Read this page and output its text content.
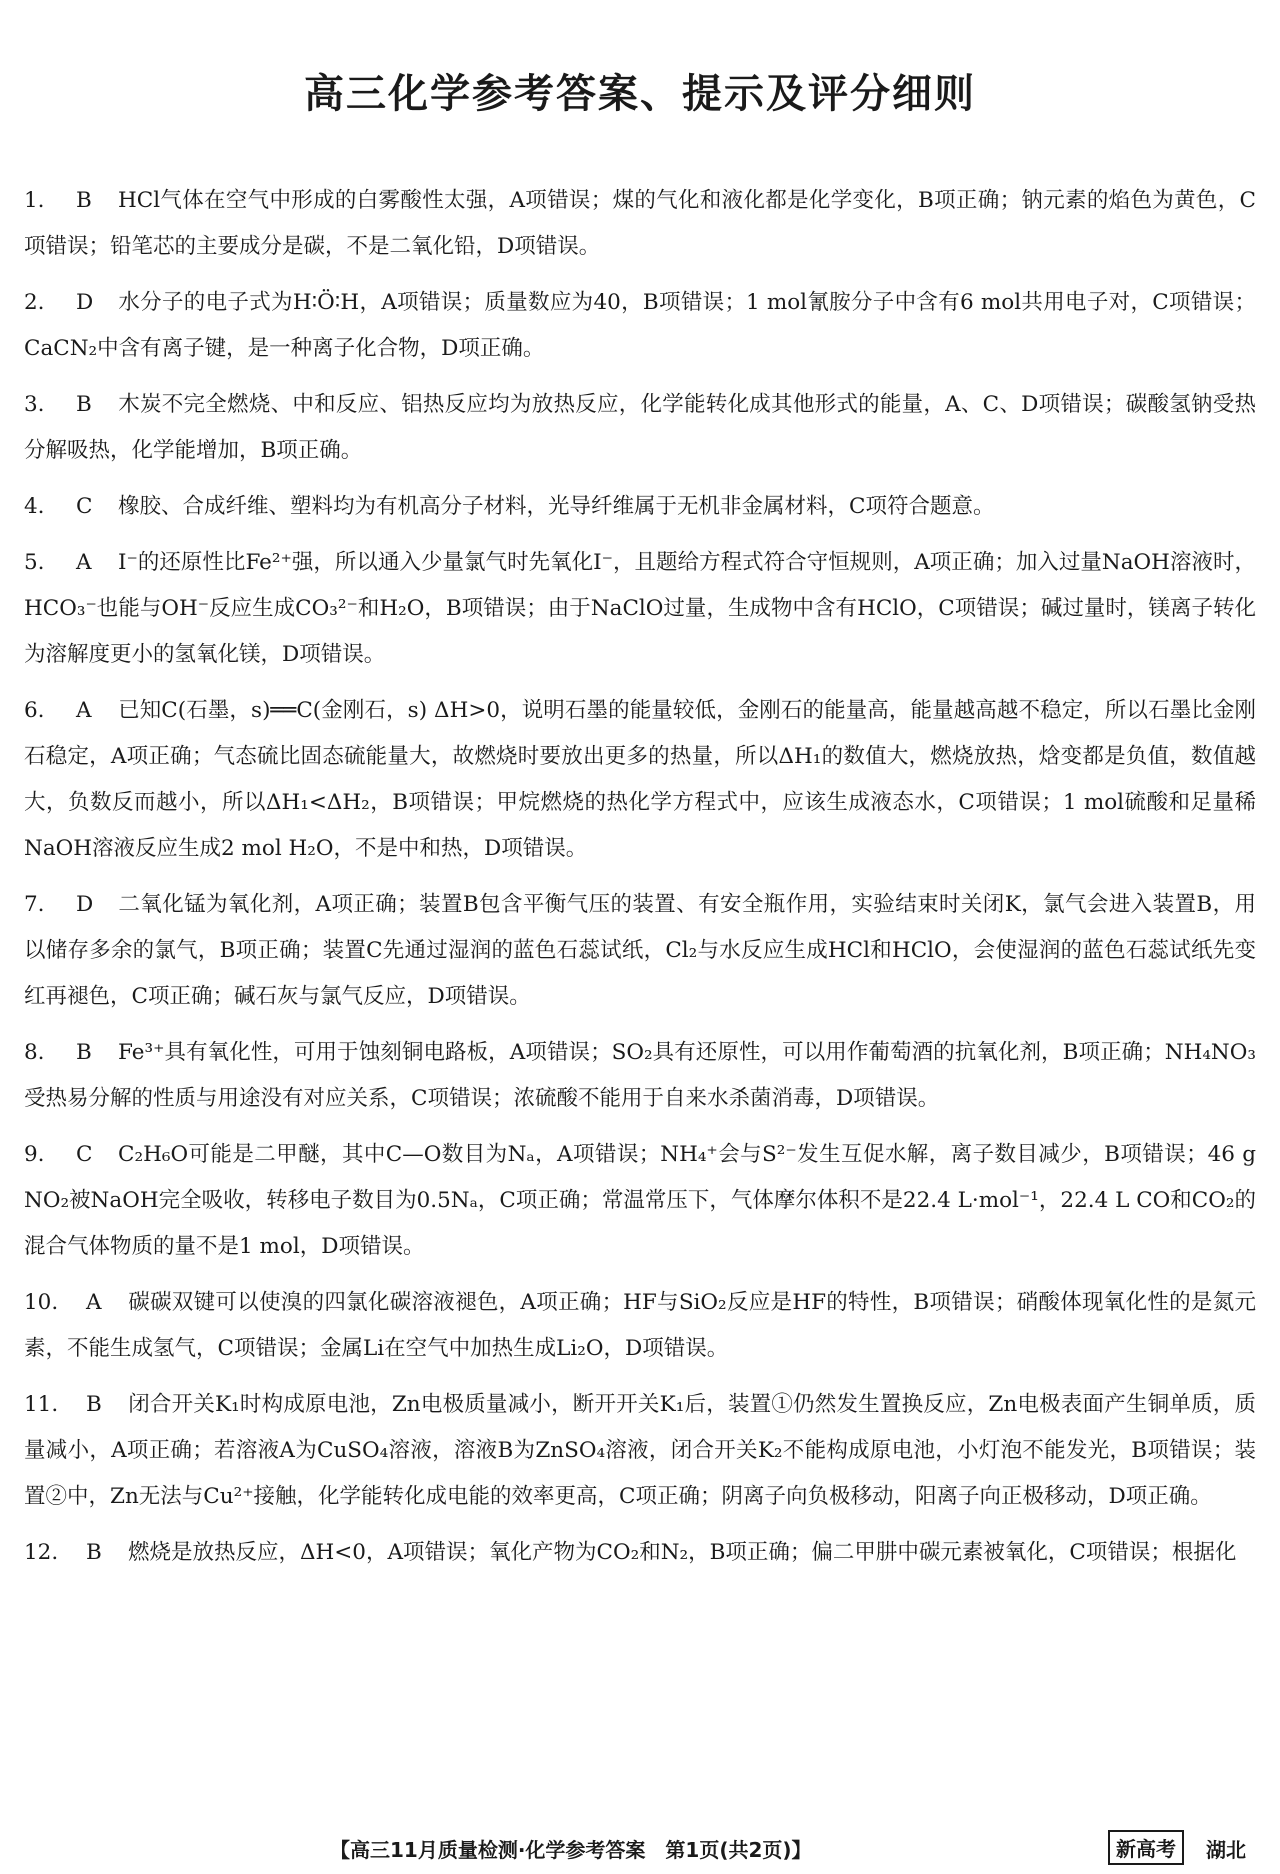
高三化学参考答案、提示及评分细则
1. B HCl气体在空气中形成的白雾酸性太强，A项错误；煤的气化和液化都是化学变化，B项正确；钠元素的焰色为黄色，C项错误；铅笔芯的主要成分是碳，不是二氧化铅，D项错误。
2. D 水分子的电子式为H∶Ö∶H，A项错误；质量数应为40，B项错误；1 mol氰胺分子中含有6 mol共用电子对，C项错误；CaCN₂中含有离子键，是一种离子化合物，D项正确。
3. B 木炭不完全燃烧、中和反应、铝热反应均为放热反应，化学能转化成其他形式的能量，A、C、D项错误；碳酸氢钠受热分解吸热，化学能增加，B项正确。
4. C 橡胶、合成纤维、塑料均为有机高分子材料，光导纤维属于无机非金属材料，C项符合题意。
5. A I⁻的还原性比Fe²⁺强，所以通入少量氯气时先氧化I⁻，且题给方程式符合守恒规则，A项正确；加入过量NaOH溶液时，HCO₃⁻也能与OH⁻反应生成CO₃²⁻和H₂O，B项错误；由于NaClO过量，生成物中含有HClO，C项错误；碱过量时，镁离子转化为溶解度更小的氢氧化镁，D项错误。
6. A 已知C(石墨，s)══C(金刚石，s) ΔH>0，说明石墨的能量较低，金刚石的能量高，能量越高越不稳定，所以石墨比金刚石稳定，A项正确；气态硫比固态硫能量大，故燃烧时要放出更多的热量，所以ΔH₁的数值大，燃烧放热，焓变都是负值，数值越大，负数反而越小，所以ΔH₁<ΔH₂，B项错误；甲烷燃烧的热化学方程式中，应该生成液态水，C项错误；1 mol硫酸和足量稀NaOH溶液反应生成2 mol H₂O，不是中和热，D项错误。
7. D 二氧化锰为氧化剂，A项正确；装置B包含平衡气压的装置、有安全瓶作用，实验结束时关闭K，氯气会进入装置B，用以储存多余的氯气，B项正确；装置C先通过湿润的蓝色石蕊试纸，Cl₂与水反应生成HCl和HClO，会使湿润的蓝色石蕊试纸先变红再褪色，C项正确；碱石灰与氯气反应，D项错误。
8. B Fe³⁺具有氧化性，可用于蚀刻铜电路板，A项错误；SO₂具有还原性，可以用作葡萄酒的抗氧化剂，B项正确；NH₄NO₃受热易分解的性质与用途没有对应关系，C项错误；浓硫酸不能用于自来水杀菌消毒，D项错误。
9. C C₂H₆O可能是二甲醚，其中C—O数目为Nₐ，A项错误；NH₄⁺会与S²⁻发生互促水解，离子数目减少，B项错误；46 g NO₂被NaOH完全吸收，转移电子数目为0.5Nₐ，C项正确；常温常压下，气体摩尔体积不是22.4 L·mol⁻¹，22.4 L CO和CO₂的混合气体物质的量不是1 mol，D项错误。
10. A 碳碳双键可以使溴的四氯化碳溶液褪色，A项正确；HF与SiO₂反应是HF的特性，B项错误；硝酸体现氧化性的是氮元素，不能生成氢气，C项错误；金属Li在空气中加热生成Li₂O，D项错误。
11. B 闭合开关K₁时构成原电池，Zn电极质量减小，断开开关K₁后，装置①仍然发生置换反应，Zn电极表面产生铜单质，质量减小，A项正确；若溶液A为CuSO₄溶液，溶液B为ZnSO₄溶液，闭合开关K₂不能构成原电池，小灯泡不能发光，B项错误；装置②中，Zn无法与Cu²⁺接触，化学能转化成电能的效率更高，C项正确；阴离子向负极移动，阳离子向正极移动，D项正确。
12. B 燃烧是放热反应，ΔH<0，A项错误；氧化产物为CO₂和N₂，B项正确；偏二甲肼中碳元素被氧化，C项错误；根据化
【高三11月质量检测·化学参考答案　第1页(共2页)】	新高考	湖北
